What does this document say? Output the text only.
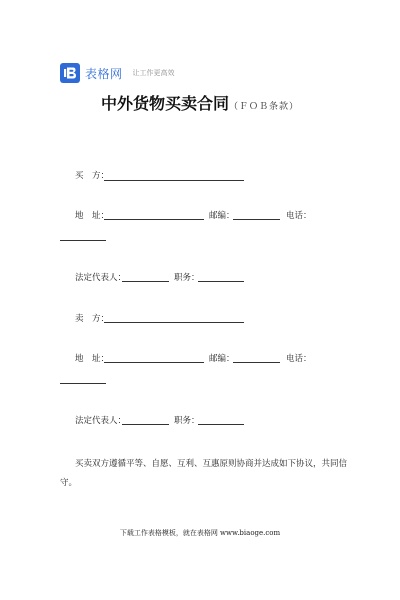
表格网 让工作更高效
中外货物买卖合同（ＦＯＢ条款）
买　方：
地　址：	邮编：	电话：
法定代表人：	职务：
卖　方：
地　址：	邮编：	电话：
法定代表人：	职务：
买卖双方遵循平等、自愿、互利、互惠原则协商并达成如下协议，共同信
守。
下载工作表格模板，就在表格网 www.biaoge.com
